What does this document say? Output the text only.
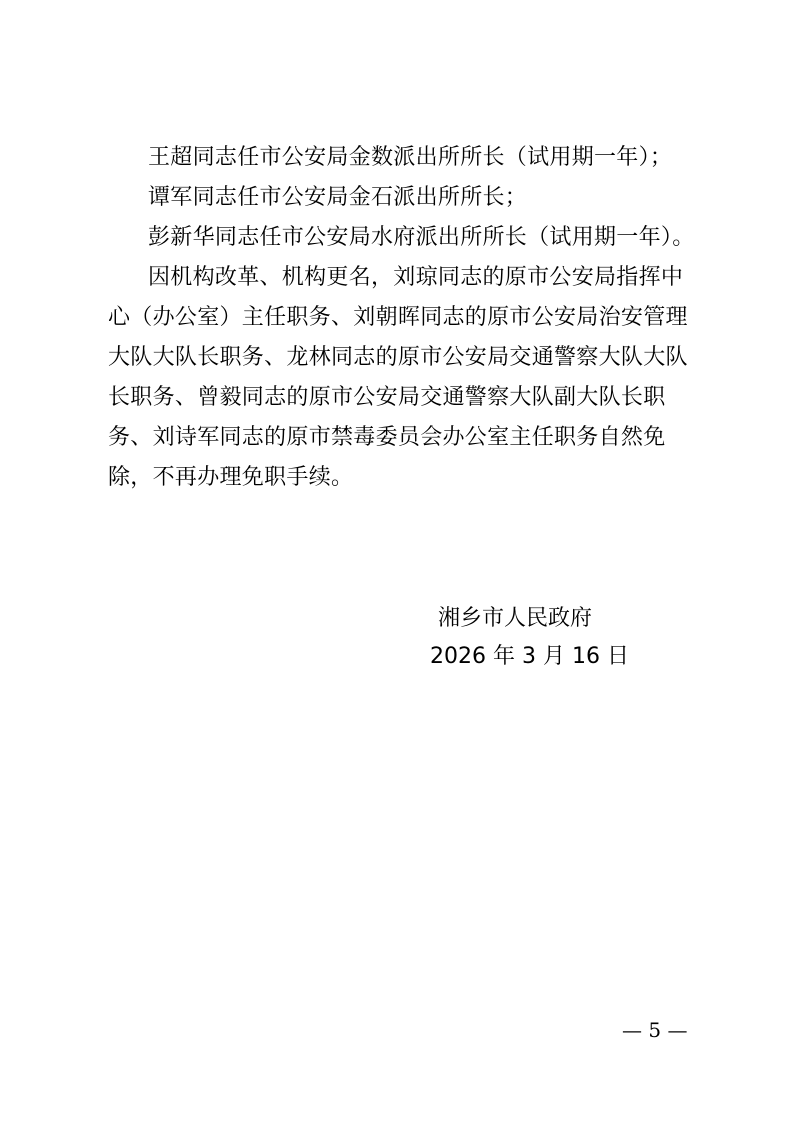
王超同志任市公安局金数派出所所长（试用期一年）；

谭军同志任市公安局金石派出所所长；

彭新华同志任市公安局水府派出所所长（试用期一年）。

因机构改革、机构更名，刘琼同志的原市公安局指挥中心（办公室）主任职务、刘朝晖同志的原市公安局治安管理大队大队长职务、龙林同志的原市公安局交通警察大队大队长职务、曾毅同志的原市公安局交通警察大队副大队长职务、刘诗军同志的原市禁毒委员会办公室主任职务自然免除，不再办理免职手续。

湘乡市人民政府
2026 年 3 月 16 日
— 5 —
